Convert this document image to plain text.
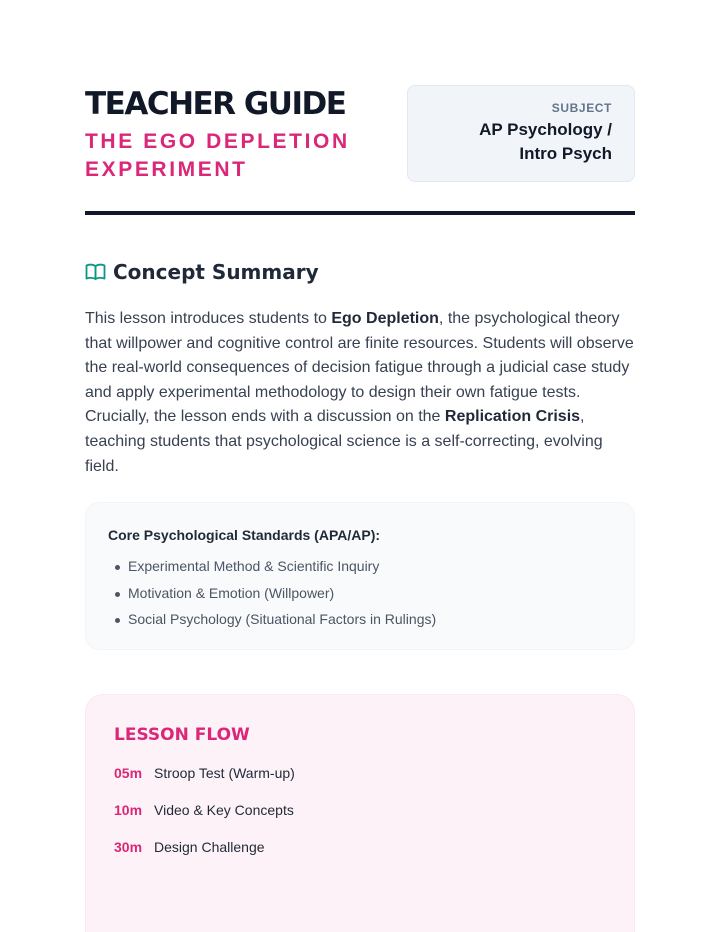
TEACHER GUIDE
THE EGO DEPLETION EXPERIMENT
SUBJECT
AP Psychology /
Intro Psych
Concept Summary

This lesson introduces students to Ego Depletion, the psychological theory that willpower and cognitive control are finite resources. Students will observe the real-world consequences of decision fatigue through a judicial case study and apply experimental methodology to design their own fatigue tests. Crucially, the lesson ends with a discussion on the Replication Crisis, teaching students that psychological science is a self-correcting, evolving field.

Core Psychological Standards (APA/AP):
Experimental Method & Scientific Inquiry
Motivation & Emotion (Willpower)
Social Psychology (Situational Factors in Rulings)
LESSON FLOW
05m Stroop Test (Warm-up)
10m Video & Key Concepts
30m Design Challenge
